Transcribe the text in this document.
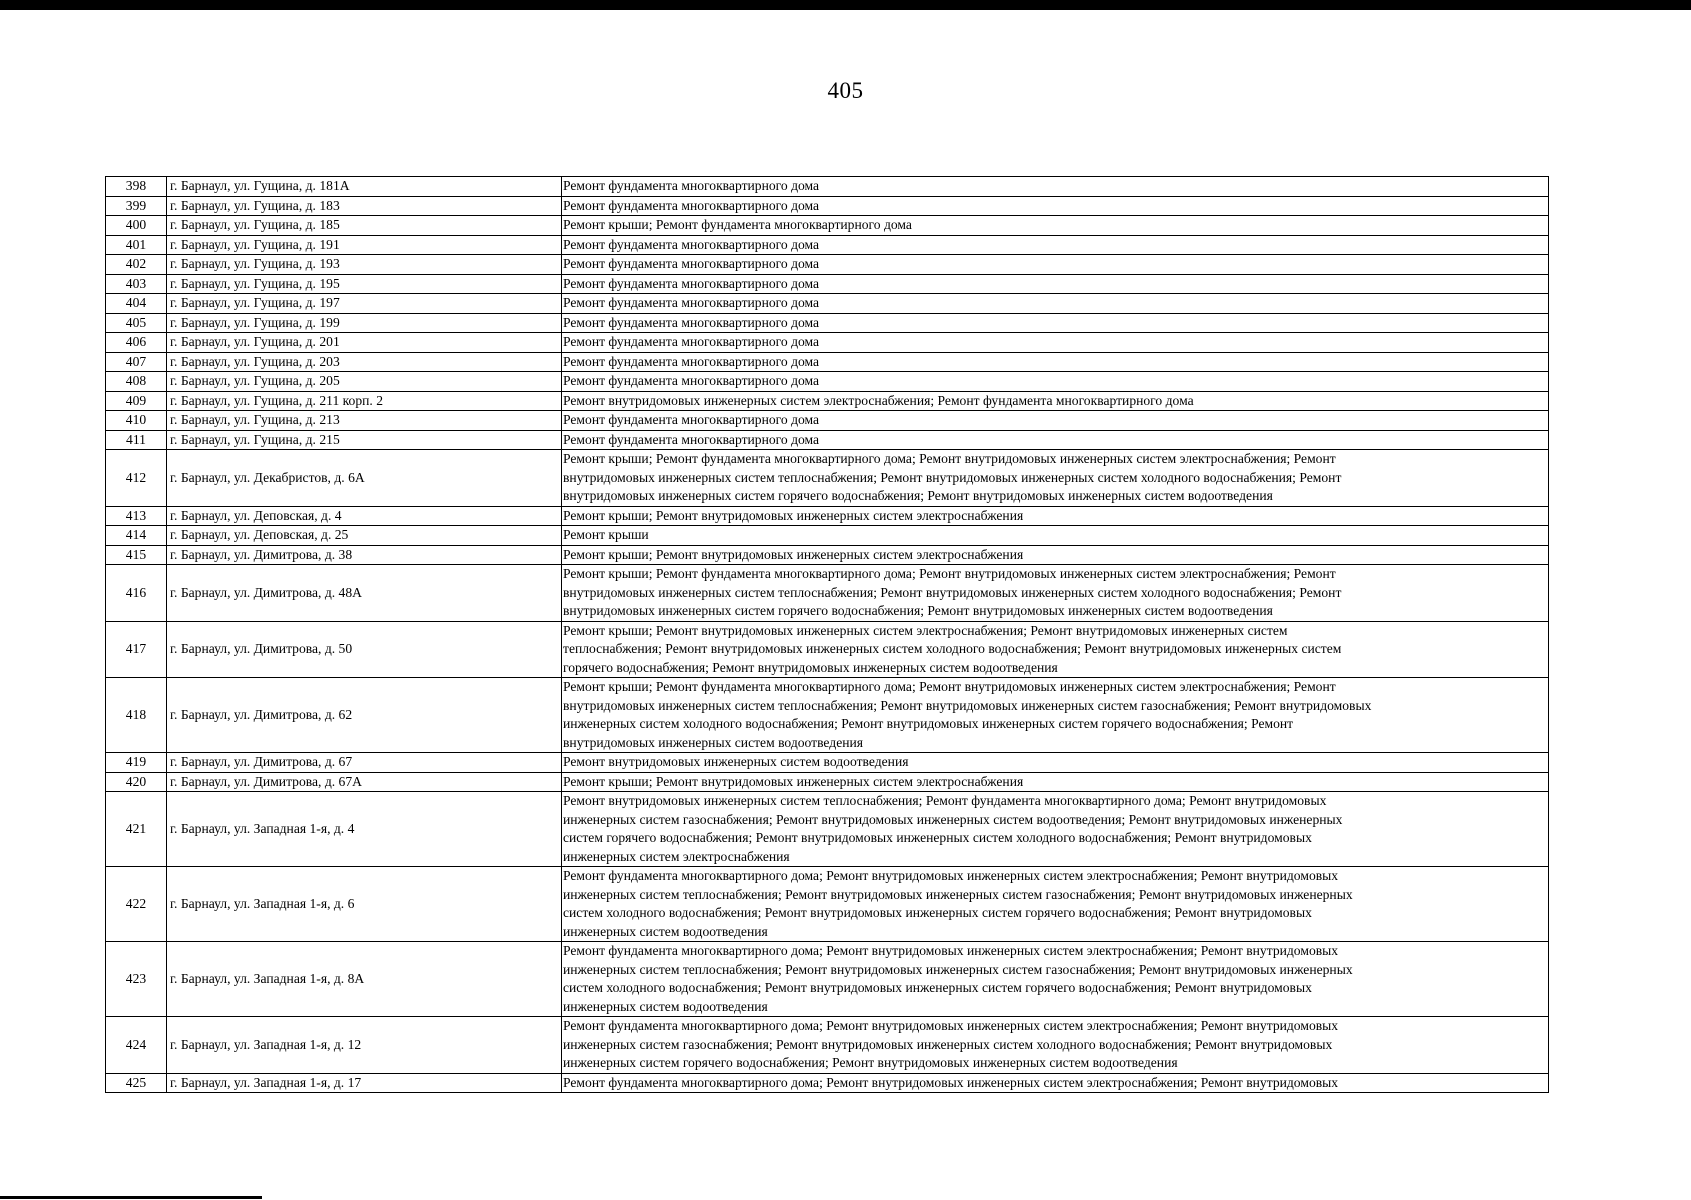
405
398	г. Барнаул, ул. Гущина, д. 181А	Ремонт фундамента многоквартирного дома

399	г. Барнаул, ул. Гущина, д. 183	Ремонт фундамента многоквартирного дома

400	г. Барнаул, ул. Гущина, д. 185	Ремонт крыши; Ремонт фундамента многоквартирного дома

401	г. Барнаул, ул. Гущина, д. 191	Ремонт фундамента многоквартирного дома

402	г. Барнаул, ул. Гущина, д. 193	Ремонт фундамента многоквартирного дома

403	г. Барнаул, ул. Гущина, д. 195	Ремонт фундамента многоквартирного дома

404	г. Барнаул, ул. Гущина, д. 197	Ремонт фундамента многоквартирного дома

405	г. Барнаул, ул. Гущина, д. 199	Ремонт фундамента многоквартирного дома

406	г. Барнаул, ул. Гущина, д. 201	Ремонт фундамента многоквартирного дома

407	г. Барнаул, ул. Гущина, д. 203	Ремонт фундамента многоквартирного дома

408	г. Барнаул, ул. Гущина, д. 205	Ремонт фундамента многоквартирного дома

409	г. Барнаул, ул. Гущина, д. 211 корп. 2	Ремонт внутридомовых инженерных систем электроснабжения; Ремонт фундамента многоквартирного дома

410	г. Барнаул, ул. Гущина, д. 213	Ремонт фундамента многоквартирного дома

411	г. Барнаул, ул. Гущина, д. 215	Ремонт фундамента многоквартирного дома

412	г. Барнаул, ул. Декабристов, д. 6А	Ремонт крыши; Ремонт фундамента многоквартирного дома; Ремонт внутридомовых инженерных систем электроснабжения; Ремонт
внутридомовых инженерных систем теплоснабжения; Ремонт внутридомовых инженерных систем холодного водоснабжения; Ремонт
внутридомовых инженерных систем горячего водоснабжения; Ремонт внутридомовых инженерных систем водоотведения

413	г. Барнаул, ул. Деповская, д. 4	Ремонт крыши; Ремонт внутридомовых инженерных систем электроснабжения

414	г. Барнаул, ул. Деповская, д. 25	Ремонт крыши

415	г. Барнаул, ул. Димитрова, д. 38	Ремонт крыши; Ремонт внутридомовых инженерных систем электроснабжения

416	г. Барнаул, ул. Димитрова, д. 48А	Ремонт крыши; Ремонт фундамента многоквартирного дома; Ремонт внутридомовых инженерных систем электроснабжения; Ремонт
внутридомовых инженерных систем теплоснабжения; Ремонт внутридомовых инженерных систем холодного водоснабжения; Ремонт
внутридомовых инженерных систем горячего водоснабжения; Ремонт внутридомовых инженерных систем водоотведения

417	г. Барнаул, ул. Димитрова, д. 50	Ремонт крыши; Ремонт внутридомовых инженерных систем электроснабжения; Ремонт внутридомовых инженерных систем
теплоснабжения; Ремонт внутридомовых инженерных систем холодного водоснабжения; Ремонт внутридомовых инженерных систем
горячего водоснабжения; Ремонт внутридомовых инженерных систем водоотведения

418	г. Барнаул, ул. Димитрова, д. 62	Ремонт крыши; Ремонт фундамента многоквартирного дома; Ремонт внутридомовых инженерных систем электроснабжения; Ремонт
внутридомовых инженерных систем теплоснабжения; Ремонт внутридомовых инженерных систем газоснабжения; Ремонт внутридомовых
инженерных систем холодного водоснабжения; Ремонт внутридомовых инженерных систем горячего водоснабжения; Ремонт
внутридомовых инженерных систем водоотведения

419	г. Барнаул, ул. Димитрова, д. 67	Ремонт внутридомовых инженерных систем водоотведения

420	г. Барнаул, ул. Димитрова, д. 67А	Ремонт крыши; Ремонт внутридомовых инженерных систем электроснабжения

421	г. Барнаул, ул. Западная 1-я, д. 4	Ремонт внутридомовых инженерных систем теплоснабжения; Ремонт фундамента многоквартирного дома; Ремонт внутридомовых
инженерных систем газоснабжения; Ремонт внутридомовых инженерных систем водоотведения; Ремонт внутридомовых инженерных
систем горячего водоснабжения; Ремонт внутридомовых инженерных систем холодного водоснабжения; Ремонт внутридомовых
инженерных систем электроснабжения

422	г. Барнаул, ул. Западная 1-я, д. 6	Ремонт фундамента многоквартирного дома; Ремонт внутридомовых инженерных систем электроснабжения; Ремонт внутридомовых
инженерных систем теплоснабжения; Ремонт внутридомовых инженерных систем газоснабжения; Ремонт внутридомовых инженерных
систем холодного водоснабжения; Ремонт внутридомовых инженерных систем горячего водоснабжения; Ремонт внутридомовых
инженерных систем водоотведения

423	г. Барнаул, ул. Западная 1-я, д. 8А	Ремонт фундамента многоквартирного дома; Ремонт внутридомовых инженерных систем электроснабжения; Ремонт внутридомовых
инженерных систем теплоснабжения; Ремонт внутридомовых инженерных систем газоснабжения; Ремонт внутридомовых инженерных
систем холодного водоснабжения; Ремонт внутридомовых инженерных систем горячего водоснабжения; Ремонт внутридомовых
инженерных систем водоотведения

424	г. Барнаул, ул. Западная 1-я, д. 12	Ремонт фундамента многоквартирного дома; Ремонт внутридомовых инженерных систем электроснабжения; Ремонт внутридомовых
инженерных систем газоснабжения; Ремонт внутридомовых инженерных систем холодного водоснабжения; Ремонт внутридомовых
инженерных систем горячего водоснабжения; Ремонт внутридомовых инженерных систем водоотведения

425	г. Барнаул, ул. Западная 1-я, д. 17	Ремонт фундамента многоквартирного дома; Ремонт внутридомовых инженерных систем электроснабжения; Ремонт внутридомовых
